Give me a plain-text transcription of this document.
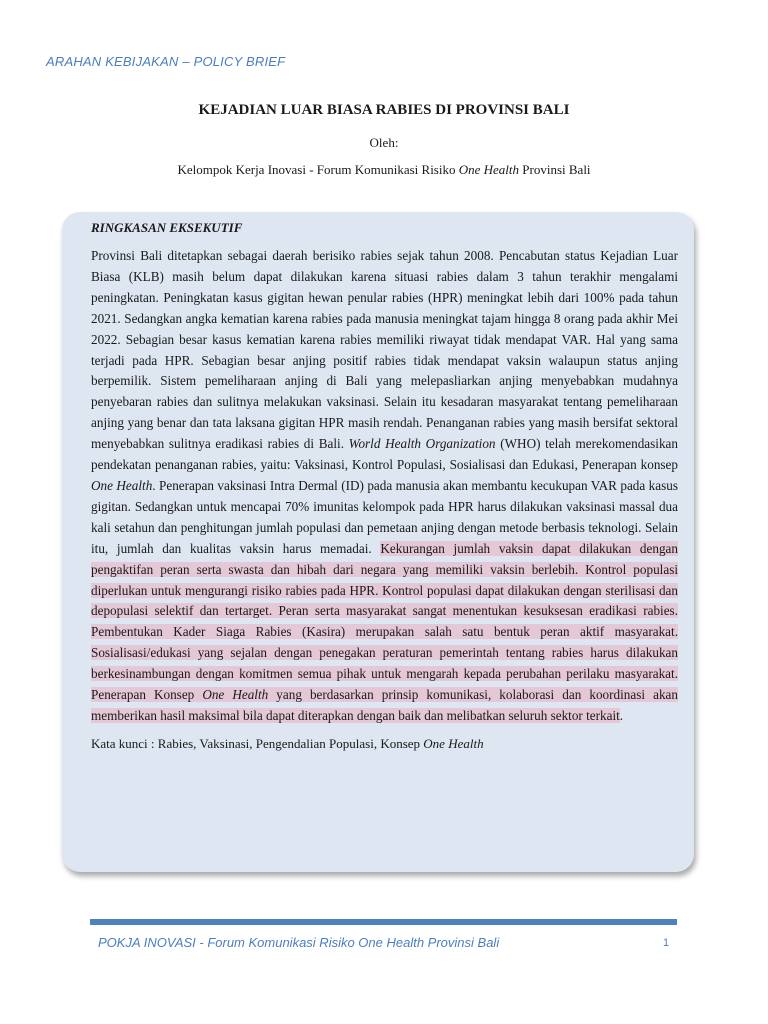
ARAHAN KEBIJAKAN – POLICY BRIEF
KEJADIAN LUAR BIASA RABIES DI PROVINSI BALI
Oleh:
Kelompok Kerja Inovasi - Forum Komunikasi Risiko One Health Provinsi Bali

RINGKASAN EKSEKUTIF

Provinsi Bali ditetapkan sebagai daerah berisiko rabies sejak tahun 2008. Pencabutan status Kejadian Luar Biasa (KLB) masih belum dapat dilakukan karena situasi rabies dalam 3 tahun terakhir mengalami peningkatan. Peningkatan kasus gigitan hewan penular rabies (HPR) meningkat lebih dari 100% pada tahun 2021. Sedangkan angka kematian karena rabies pada manusia meningkat tajam hingga 8 orang pada akhir Mei 2022. Sebagian besar kasus kematian karena rabies memiliki riwayat tidak mendapat VAR. Hal yang sama terjadi pada HPR. Sebagian besar anjing positif rabies tidak mendapat vaksin walaupun status anjing berpemilik. Sistem pemeliharaan anjing di Bali yang melepasliarkan anjing menyebabkan mudahnya penyebaran rabies dan sulitnya melakukan vaksinasi. Selain itu kesadaran masyarakat tentang pemeliharaan anjing yang benar dan tata laksana gigitan HPR masih rendah. Penanganan rabies yang masih bersifat sektoral menyebabkan sulitnya eradikasi rabies di Bali. World Health Organization (WHO) telah merekomendasikan pendekatan penanganan rabies, yaitu: Vaksinasi, Kontrol Populasi, Sosialisasi dan Edukasi, Penerapan konsep One Health. Penerapan vaksinasi Intra Dermal (ID) pada manusia akan membantu kecukupan VAR pada kasus gigitan. Sedangkan untuk mencapai 70% imunitas kelompok pada HPR harus dilakukan vaksinasi massal dua kali setahun dan penghitungan jumlah populasi dan pemetaan anjing dengan metode berbasis teknologi. Selain itu, jumlah dan kualitas vaksin harus memadai. Kekurangan jumlah vaksin dapat dilakukan dengan pengaktifan peran serta swasta dan hibah dari negara yang memiliki vaksin berlebih. Kontrol populasi diperlukan untuk mengurangi risiko rabies pada HPR. Kontrol populasi dapat dilakukan dengan sterilisasi dan depopulasi selektif dan tertarget. Peran serta masyarakat sangat menentukan kesuksesan eradikasi rabies. Pembentukan Kader Siaga Rabies (Kasira) merupakan salah satu bentuk peran aktif masyarakat. Sosialisasi/edukasi yang sejalan dengan penegakan peraturan pemerintah tentang rabies harus dilakukan berkesinambungan dengan komitmen semua pihak untuk mengarah kepada perubahan perilaku masyarakat. Penerapan Konsep One Health yang berdasarkan prinsip komunikasi, kolaborasi dan koordinasi akan memberikan hasil maksimal bila dapat diterapkan dengan baik dan melibatkan seluruh sektor terkait.

Kata kunci : Rabies, Vaksinasi, Pengendalian Populasi, Konsep One Health
POKJA INOVASI - Forum Komunikasi Risiko One Health Provinsi Bali	1
